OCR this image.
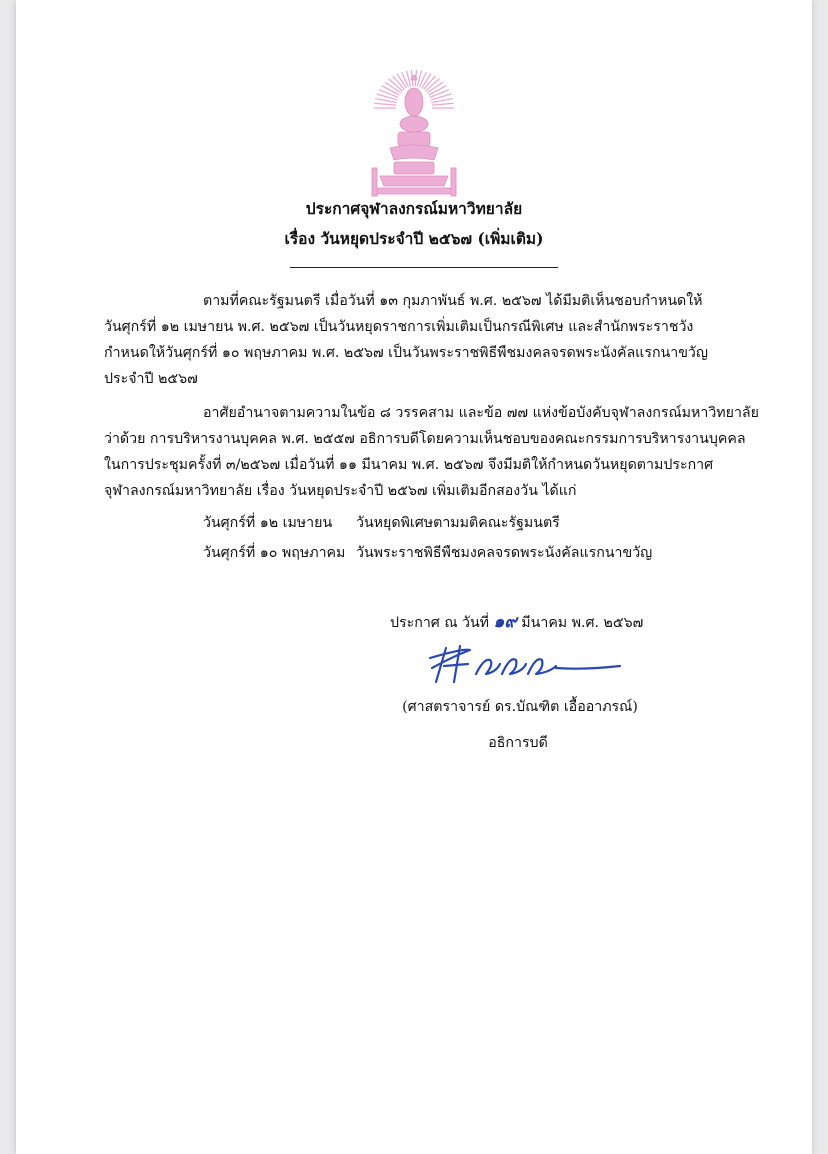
ประกาศจุฬาลงกรณ์มหาวิทยาลัย
เรื่อง วันหยุดประจำปี ๒๕๖๗ (เพิ่มเติม)
ตามที่คณะรัฐมนตรี เมื่อวันที่ ๑๓ กุมภาพันธ์ พ.ศ. ๒๕๖๗ ได้มีมติเห็นชอบกำหนดให้
วันศุกร์ที่ ๑๒ เมษายน พ.ศ. ๒๕๖๗ เป็นวันหยุดราชการเพิ่มเติมเป็นกรณีพิเศษ และสำนักพระราชวัง
กำหนดให้วันศุกร์ที่ ๑๐ พฤษภาคม พ.ศ. ๒๕๖๗ เป็นวันพระราชพิธีพืชมงคลจรดพระนังคัลแรกนาขวัญ
ประจำปี ๒๕๖๗
อาศัยอำนาจตามความในข้อ ๘ วรรคสาม และข้อ ๗๗ แห่งข้อบังคับจุฬาลงกรณ์มหาวิทยาลัย
ว่าด้วย การบริหารงานบุคคล พ.ศ. ๒๕๕๗ อธิการบดีโดยความเห็นชอบของคณะกรรมการบริหารงานบุคคล
ในการประชุมครั้งที่ ๓/๒๕๖๗ เมื่อวันที่ ๑๑ มีนาคม พ.ศ. ๒๕๖๗ จึงมีมติให้กำหนดวันหยุดตามประกาศ
จุฬาลงกรณ์มหาวิทยาลัย เรื่อง วันหยุดประจำปี ๒๕๖๗ เพิ่มเติมอีกสองวัน ได้แก่
วันศุกร์ที่ ๑๒ เมษายน วันหยุดพิเศษตามมติคณะรัฐมนตรี
วันศุกร์ที่ ๑๐ พฤษภาคม วันพระราชพิธีพืชมงคลจรดพระนังคัลแรกนาขวัญ
ประกาศ ณ วันที่ ๑๙ มีนาคม พ.ศ. ๒๕๖๗
(ศาสตราจารย์ ดร.บัณฑิต เอื้ออาภรณ์)
อธิการบดี
